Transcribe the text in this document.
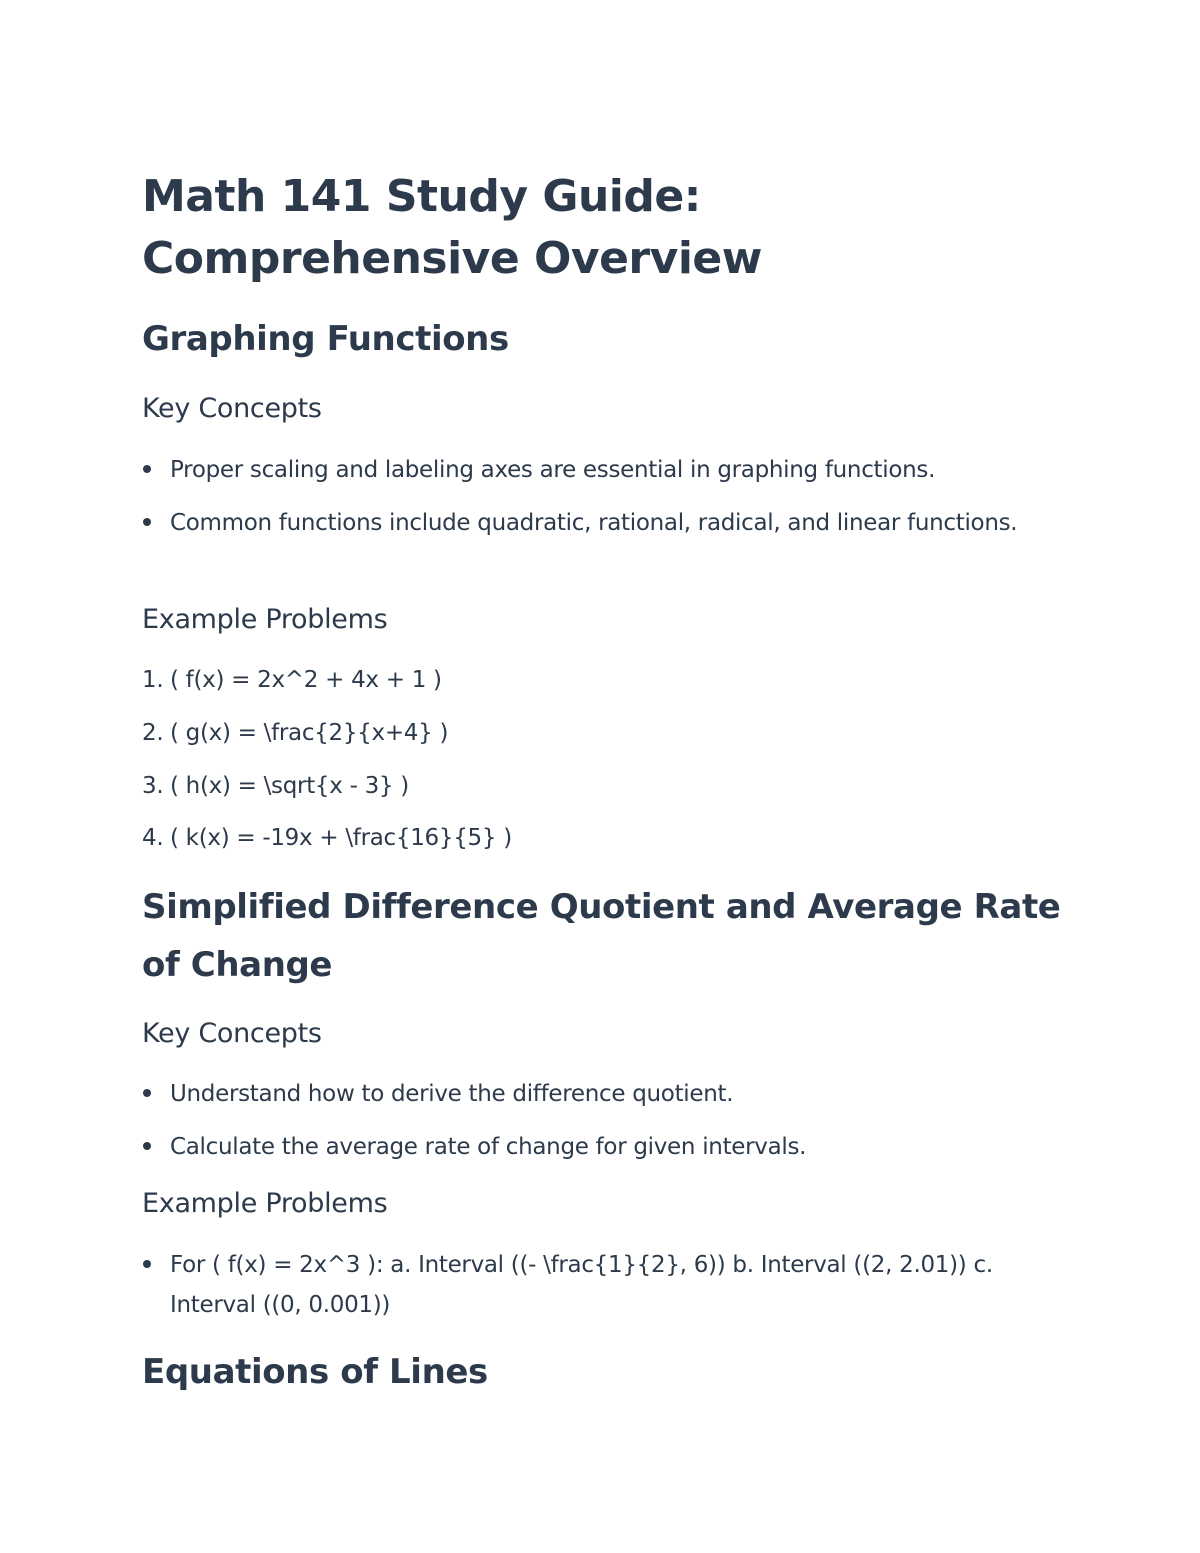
Math 141 Study Guide: Comprehensive Overview
Graphing Functions
Key Concepts
Proper scaling and labeling axes are essential in graphing functions.
Common functions include quadratic, rational, radical, and linear functions.
Example Problems
1. ( f(x) = 2x^2 + 4x + 1 )
2. ( g(x) = \frac{2}{x+4} )
3. ( h(x) = \sqrt{x - 3} )
4. ( k(x) = -19x + \frac{16}{5} )
Simplified Difference Quotient and Average Rate of Change
Key Concepts
Understand how to derive the difference quotient.
Calculate the average rate of change for given intervals.
Example Problems
For ( f(x) = 2x^3 ): a. Interval ((- \frac{1}{2}, 6)) b. Interval ((2, 2.01)) c. Interval ((0, 0.001))
Equations of Lines
